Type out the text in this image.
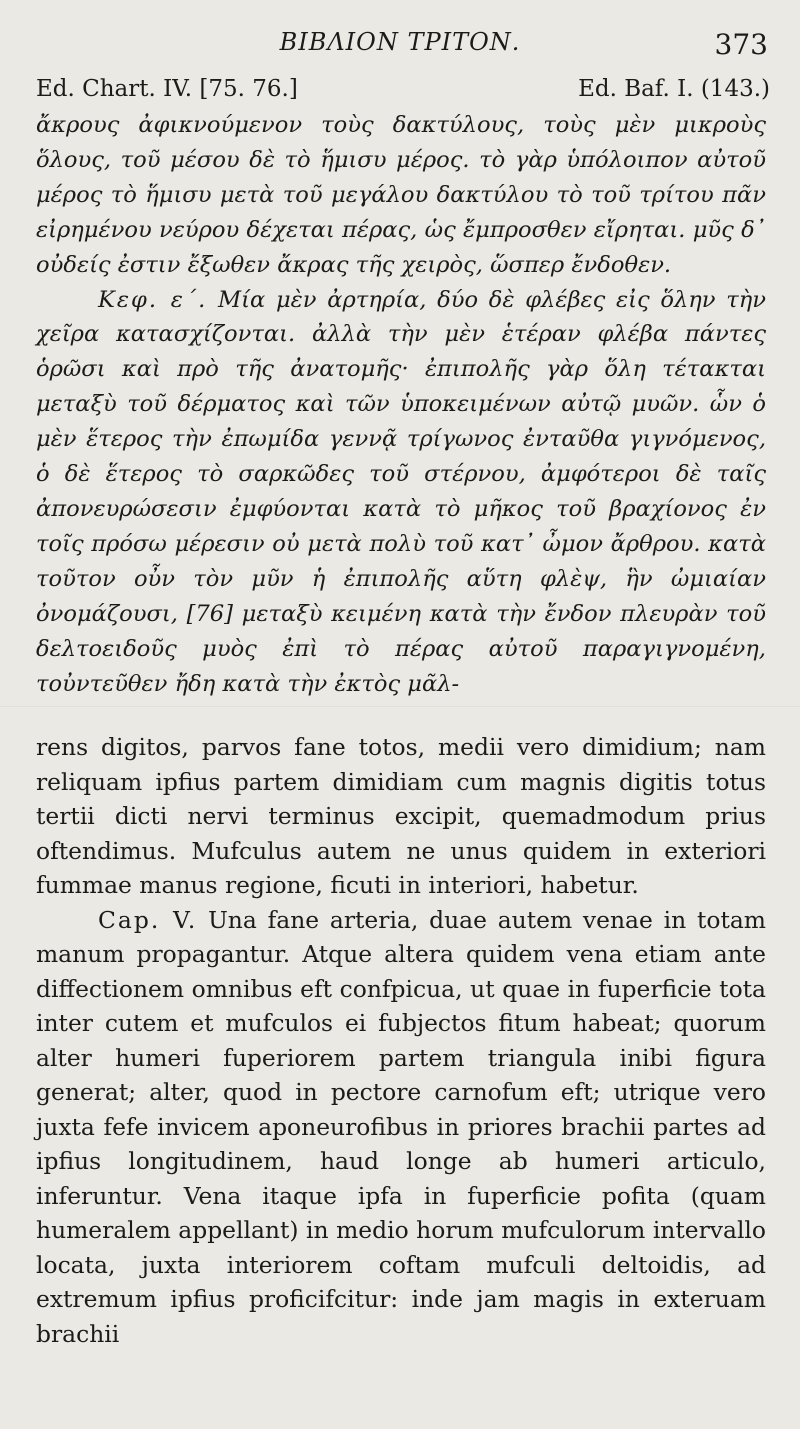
BIBΛΙΟΝ ΤΡΙΤΟΝ.	373
Ed. Chart. IV. [75. 76.]	Ed. Baf. I. (143.)

ἄκρους ἀφικνούμενον τοὺς δακτύλους, τοὺς μὲν μικροὺς ὅλους, τοῦ μέσου δὲ τὸ ἥμισυ μέρος. τὸ γὰρ ὑπόλοιπον αὐτοῦ μέρος τὸ ἥμισυ μετὰ τοῦ μεγάλου δακτύλου τὸ τοῦ τρίτου πᾶν εἰρημένου νεύρου δέχεται πέρας, ὡς ἔμπροσθεν εἴρηται. μῦς δ᾿ οὐδείς ἐστιν ἔξωθεν ἄκρας τῆς χειρὸς, ὥσπερ ἔνδοθεν.

Κεφ. ε΄. Μία μὲν ἀρτηρία, δύο δὲ φλέβες εἰς ὅλην τὴν χεῖρα κατασχίζονται. ἀλλὰ τὴν μὲν ἑτέραν φλέβα πάντες ὁρῶσι καὶ πρὸ τῆς ἀνατομῆς· ἐπιπολῆς γὰρ ὅλη τέτακται μεταξὺ τοῦ δέρματος καὶ τῶν ὑποκειμένων αὐτῷ μυῶν. ὧν ὁ μὲν ἕτερος τὴν ἐπωμίδα γεννᾷ τρίγωνος ἐνταῦθα γιγνόμενος, ὁ δὲ ἕτερος τὸ σαρκῶδες τοῦ στέρνου, ἀμφότεροι δὲ ταῖς ἀπονευρώσεσιν ἐμφύονται κατὰ τὸ μῆκος τοῦ βραχίονος ἐν τοῖς πρόσω μέρεσιν οὐ μετὰ πολὺ τοῦ κατ᾿ ὦμον ἄρθρου. κατὰ τοῦτον οὖν τὸν μῦν ἡ ἐπιπολῆς αὕτη φλὲψ, ἣν ὠμιαίαν ὀνομάζουσι, [76] μεταξὺ κειμένη κατὰ τὴν ἔνδον πλευρὰν τοῦ δελτοειδοῦς μυὸς ἐπὶ τὸ πέρας αὐτοῦ παραγιγνομένη, τοὐντεῦθεν ἤδη κατὰ τὴν ἐκτὸς μᾶλ-

rens digitos, parvos fane totos, medii vero dimidium; nam reliquam ipfius partem dimidiam cum magnis digitis totus tertii dicti nervi terminus excipit, quemadmodum prius oftendimus. Mufculus autem ne unus quidem in exteriori fummae manus regione, ficuti in interiori, habetur.

Cap. V. Una fane arteria, duae autem venae in totam manum propagantur. Atque altera quidem vena etiam ante diffectionem omnibus eft confpicua, ut quae in fuperficie tota inter cutem et mufculos ei fubjectos fitum habeat; quorum alter humeri fuperiorem partem triangula inibi figura generat; alter, quod in pectore carnofum eft; utrique vero juxta fefe invicem aponeurofibus in priores brachii partes ad ipfius longitudinem, haud longe ab humeri articulo, inferuntur. Vena itaque ipfa in fuperficie pofita (quam humeralem appellant) in medio horum mufculorum intervallo locata, juxta interiorem coftam mufculi deltoidis, ad extremum ipfius proficifcitur: inde jam magis in exteruam brachii
